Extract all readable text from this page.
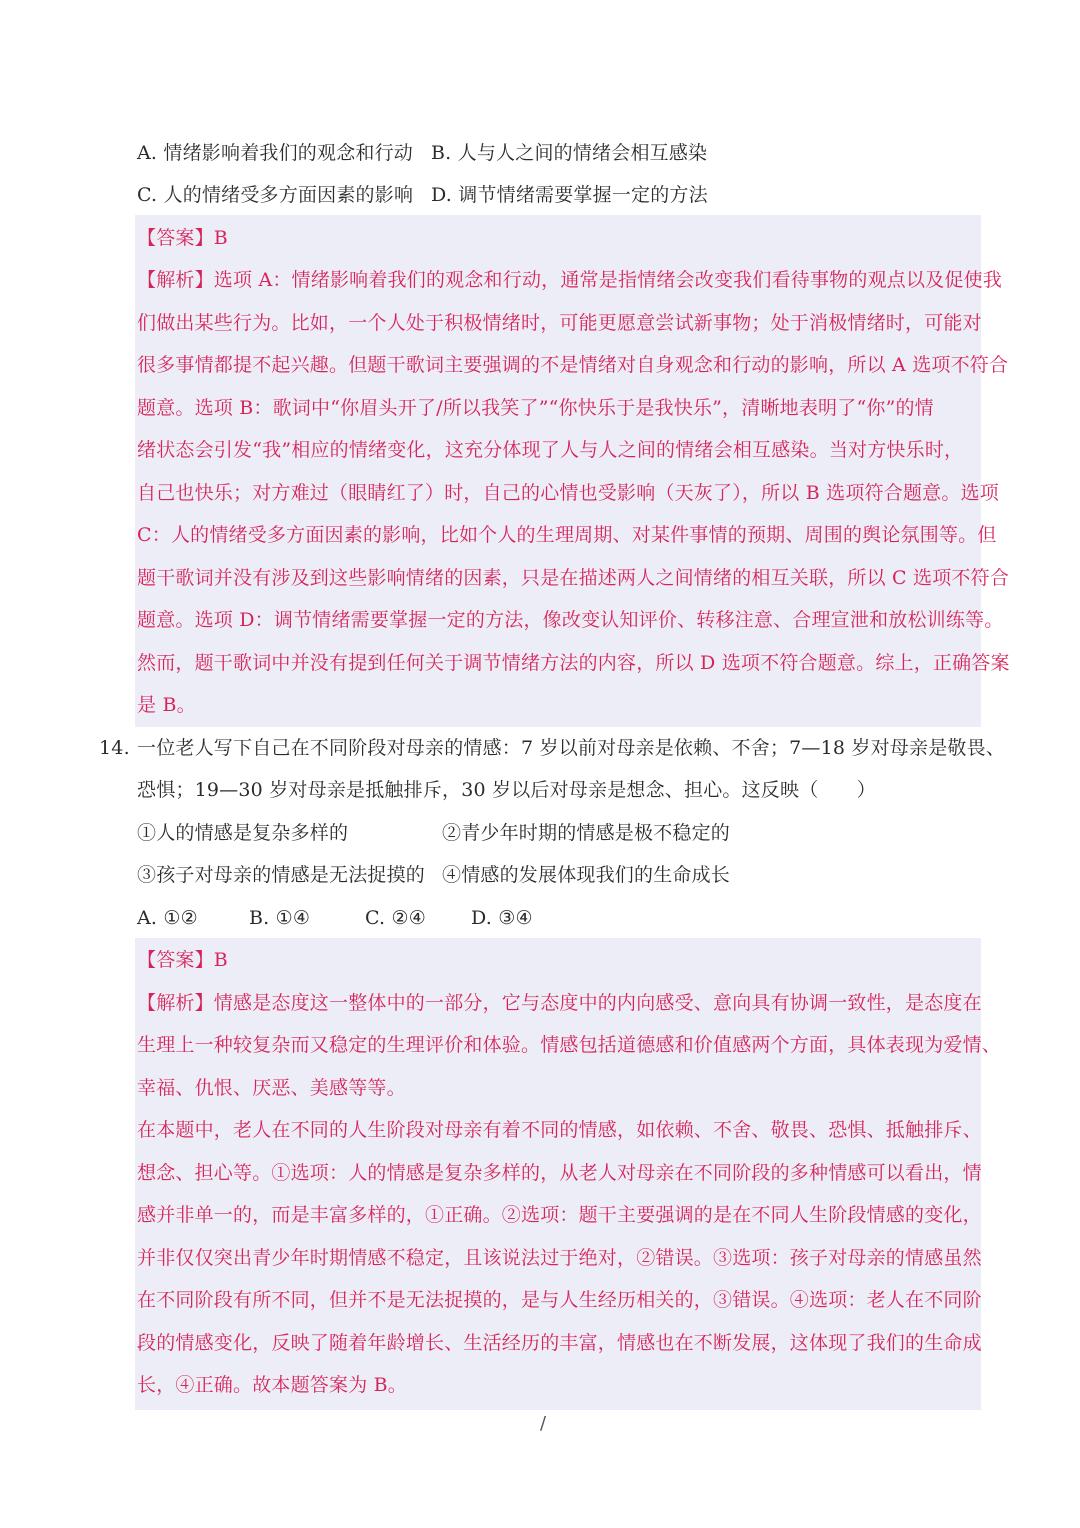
A. 情绪影响着我们的观念和行动 B. 人与人之间的情绪会相互感染
C. 人的情绪受多方面因素的影响 D. 调节情绪需要掌握一定的方法
【答案】B
【解析】选项 A：情绪影响着我们的观念和行动，通常是指情绪会改变我们看待事物的观点以及促使我
们做出某些行为。比如，一个人处于积极情绪时，可能更愿意尝试新事物；处于消极情绪时，可能对
很多事情都提不起兴趣。但题干歌词主要强调的不是情绪对自身观念和行动的影响，所以 A 选项不符合
题意。选项 B：歌词中“你眉头开了/所以我笑了”“你快乐于是我快乐”，清晰地表明了“你”的情
绪状态会引发“我”相应的情绪变化，这充分体现了人与人之间的情绪会相互感染。当对方快乐时，
自己也快乐；对方难过（眼睛红了）时，自己的心情也受影响（天灰了），所以 B 选项符合题意。选项
C：人的情绪受多方面因素的影响，比如个人的生理周期、对某件事情的预期、周围的舆论氛围等。但
题干歌词并没有涉及到这些影响情绪的因素，只是在描述两人之间情绪的相互关联，所以 C 选项不符合
题意。选项 D：调节情绪需要掌握一定的方法，像改变认知评价、转移注意、合理宣泄和放松训练等。
然而，题干歌词中并没有提到任何关于调节情绪方法的内容，所以 D 选项不符合题意。综上，正确答案
是 B。
14. 一位老人写下自己在不同阶段对母亲的情感：7 岁以前对母亲是依赖、不舍；7—18 岁对母亲是敬畏、
恐惧；19—30 岁对母亲是抵触排斥，30 岁以后对母亲是想念、担心。这反映（　　）
①人的情感是复杂多样的	②青少年时期的情感是极不稳定的
③孩子对母亲的情感是无法捉摸的 ④情感的发展体现我们的生命成长
A. ①②	B. ①④	C. ②④ D. ③④
【答案】B
【解析】情感是态度这一整体中的一部分，它与态度中的内向感受、意向具有协调一致性，是态度在
生理上一种较复杂而又稳定的生理评价和体验。情感包括道德感和价值感两个方面，具体表现为爱情、
幸福、仇恨、厌恶、美感等等。
在本题中，老人在不同的人生阶段对母亲有着不同的情感，如依赖、不舍、敬畏、恐惧、抵触排斥、
想念、担心等。①选项：人的情感是复杂多样的，从老人对母亲在不同阶段的多种情感可以看出，情
感并非单一的，而是丰富多样的，①正确。②选项：题干主要强调的是在不同人生阶段情感的变化，
并非仅仅突出青少年时期情感不稳定，且该说法过于绝对，②错误。③选项：孩子对母亲的情感虽然
在不同阶段有所不同，但并不是无法捉摸的，是与人生经历相关的，③错误。④选项：老人在不同阶
段的情感变化，反映了随着年龄增长、生活经历的丰富，情感也在不断发展，这体现了我们的生命成
长，④正确。故本题答案为 B。
/
